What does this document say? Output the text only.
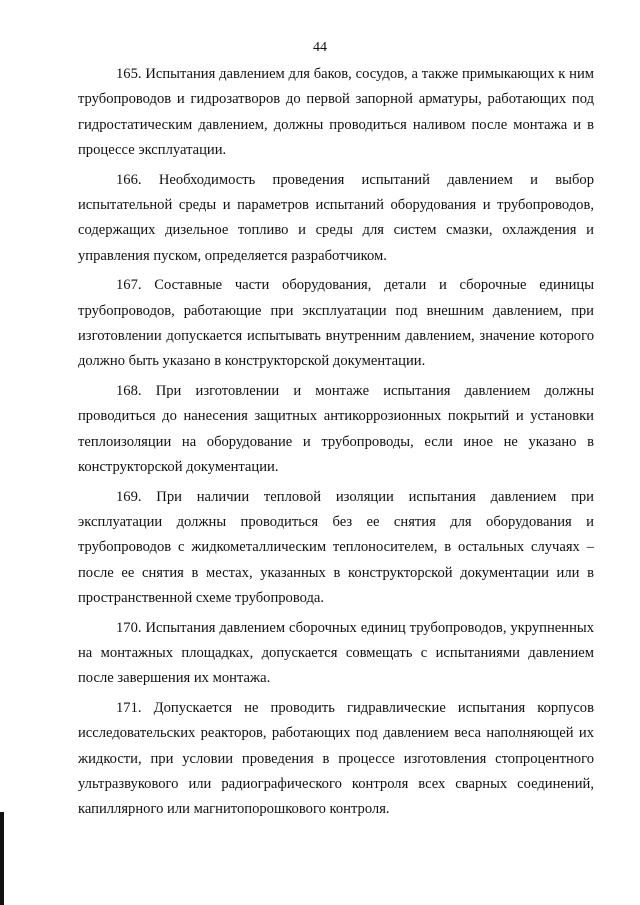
44

165. Испытания давлением для баков, сосудов, а также примыкающих к ним трубопроводов и гидрозатворов до первой запорной арматуры, работающих под гидростатическим давлением, должны проводиться наливом после монтажа и в процессе эксплуатации.

166. Необходимость проведения испытаний давлением и выбор испытательной среды и параметров испытаний оборудования и трубопроводов, содержащих дизельное топливо и среды для систем смазки, охлаждения и управления пуском, определяется разработчиком.

167. Составные части оборудования, детали и сборочные единицы трубопроводов, работающие при эксплуатации под внешним давлением, при изготовлении допускается испытывать внутренним давлением, значение которого должно быть указано в конструкторской документации.

168. При изготовлении и монтаже испытания давлением должны проводиться до нанесения защитных антикоррозионных покрытий и установки теплоизоляции на оборудование и трубопроводы, если иное не указано в конструкторской документации.

169. При наличии тепловой изоляции испытания давлением при эксплуатации должны проводиться без ее снятия для оборудования и трубопроводов с жидкометаллическим теплоносителем, в остальных случаях – после ее снятия в местах, указанных в конструкторской документации или в пространственной схеме трубопровода.

170. Испытания давлением сборочных единиц трубопроводов, укрупненных на монтажных площадках, допускается совмещать с испытаниями давлением после завершения их монтажа.

171. Допускается не проводить гидравлические испытания корпусов исследовательских реакторов, работающих под давлением веса наполняющей их жидкости, при условии проведения в процессе изготовления стопроцентного ультразвукового или радиографического контроля всех сварных соединений, капиллярного или магнитопорошкового контроля.
